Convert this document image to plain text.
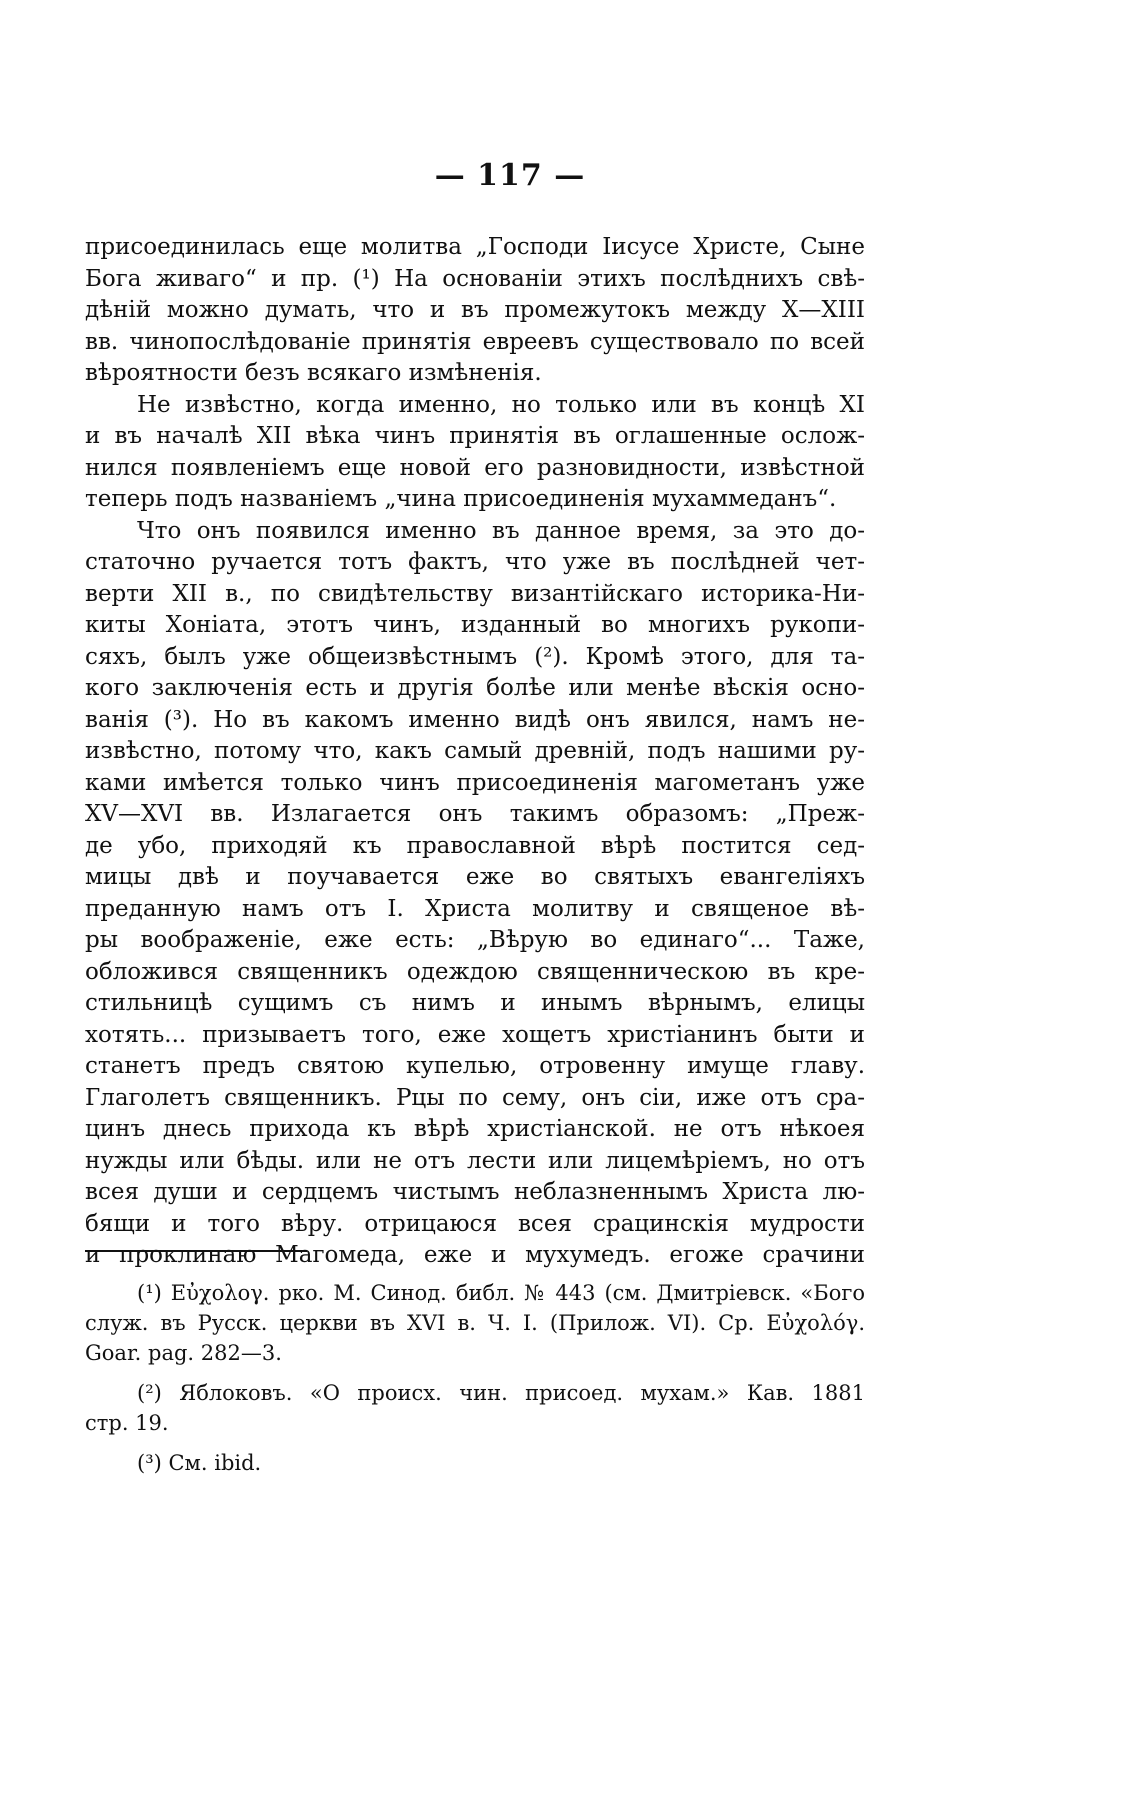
— 117 —
присоединилась еще молитва „Господи Іисусе Христе, Сыне
Бога живаго“ и пр. (¹) На основаніи этихъ послѣднихъ свѣ-
дѣній можно думать, что и въ промежутокъ между X—XIII
вв. чинопослѣдованіе принятія евреевъ существовало по всей
вѣроятности безъ всякаго измѣненія.
Не извѣстно, когда именно, но только или въ концѣ XI
и въ началѣ XII вѣка чинъ принятія въ оглашенные ослож-
нился появленіемъ еще новой его разновидности, извѣстной
теперь подъ названіемъ „чина присоединенія мухаммеданъ“.
Что онъ появился именно въ данное время, за это до-
статочно ручается тотъ фактъ, что уже въ послѣдней чет-
верти XII в., по свидѣтельству византійскаго историка-Ни-
киты Хоніата, этотъ чинъ, изданный во многихъ рукопи-
сяхъ, былъ уже общеизвѣстнымъ (²). Кромѣ этого, для та-
кого заключенія есть и другія болѣе или менѣе вѣскія осно-
ванія (³). Но въ какомъ именно видѣ онъ явился, намъ не-
извѣстно, потому что, какъ самый древній, подъ нашими ру-
ками имѣется только чинъ присоединенія магометанъ уже
XV—XVI вв. Излагается онъ такимъ образомъ: „Преж-
де убо, приходяй къ православной вѣрѣ постится сед-
мицы двѣ и поучавается еже во святыхъ евангеліяхъ
преданную намъ отъ І. Христа молитву и священое вѣ-
ры воображеніе, еже есть: „Вѣрую во единаго“... Таже,
обложився священникъ одеждою священническою въ кре-
стильницѣ сущимъ съ нимъ и инымъ вѣрнымъ, елицы
хотять... призываетъ того, еже хощетъ христіанинъ быти и
станетъ предъ святою купелью, отровенну имуще главу.
Глаголетъ священникъ. Рцы по сему, онъ сіи, иже отъ сра-
цинъ днесь прихода къ вѣрѣ христіанской. не отъ нѣкоея
нужды или бѣды. или не отъ лести или лицемѣріемъ, но отъ
всея души и сердцемъ чистымъ неблазненнымъ Христа лю-
бящи и того вѣру. отрицаюся всея срацинскія мудрости
и проклинаю Магомеда, еже и мухумедъ. егоже срачини
(¹) Εὐχολογ. рко. М. Синод. библ. № 443 (см. Дмитріевск. «Бого
служ. въ Русск. церкви въ XVI в. Ч. I. (Прилож. VI). Ср. Εὐχολόγ.
Goar. pag. 282—3.
(²) Яблоковъ. «О происх. чин. присоед. мухам.» Кав. 1881
стр. 19.
(³) См. ibid.
